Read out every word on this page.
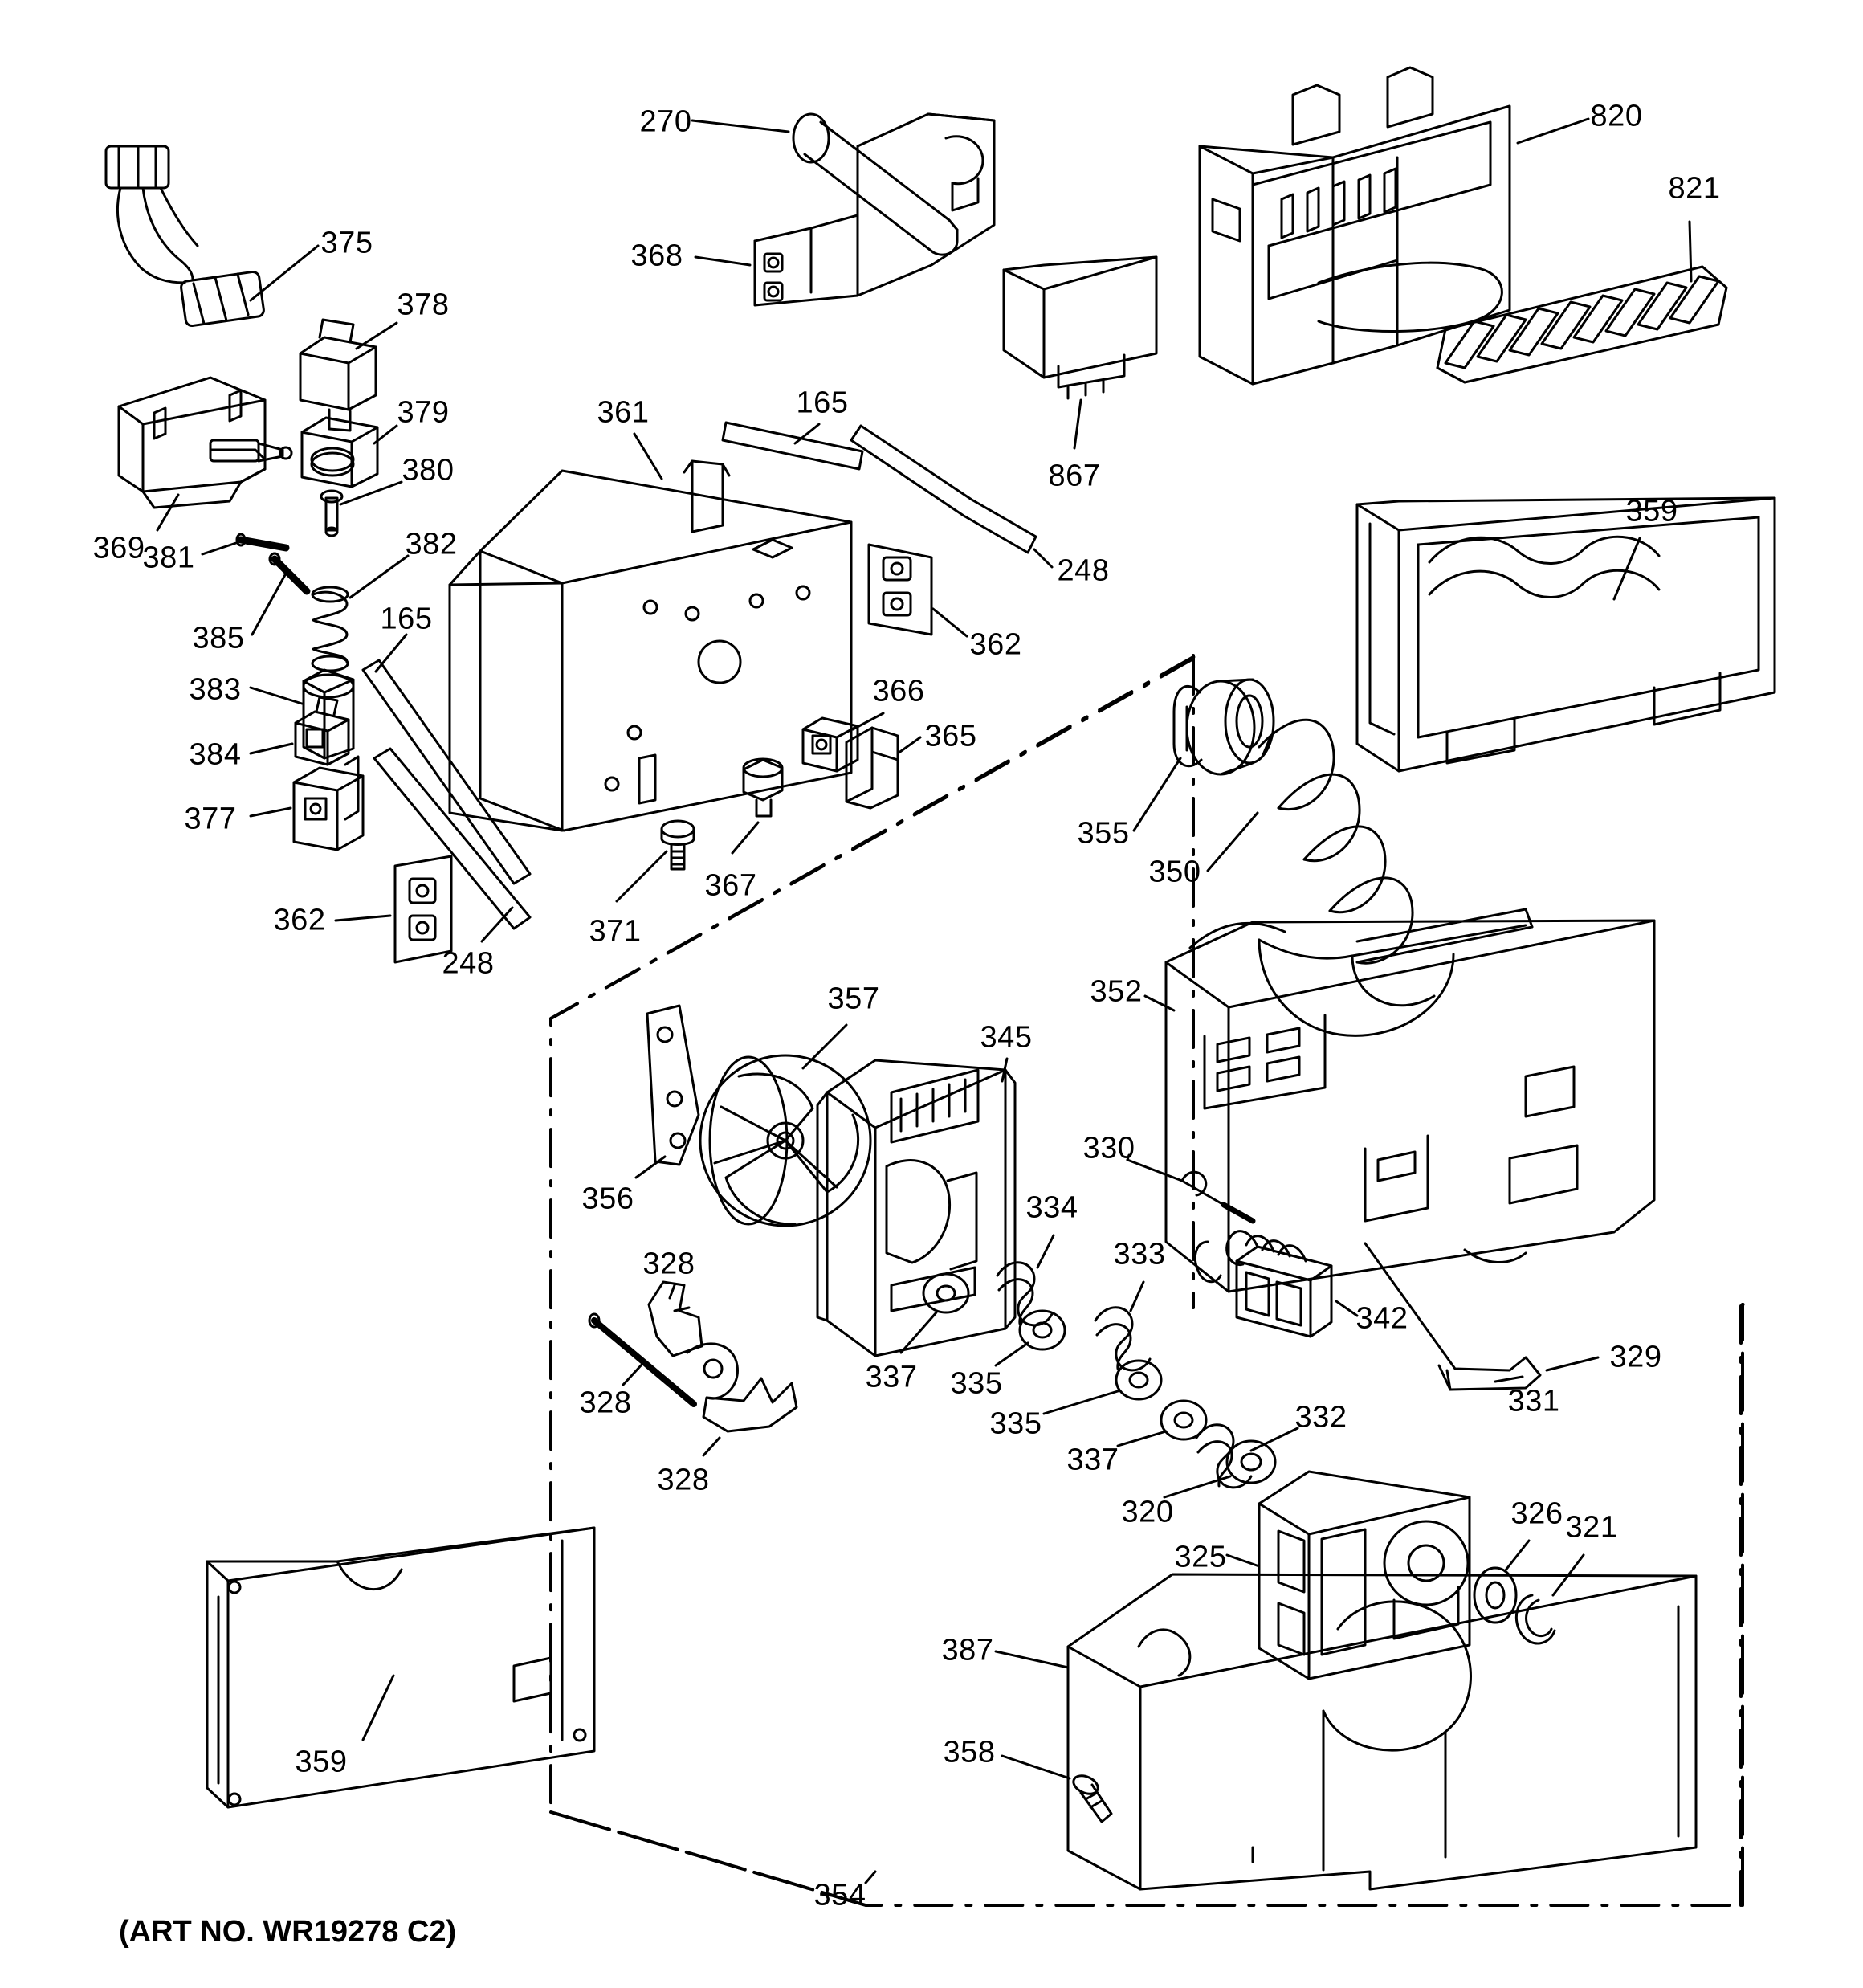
375
378
379
380
382
369
381
385
165
383
384
377
362
248
270
368
361	165
248
362
366
365
367
371
867
820
821
359
355
350
352
357
356
345
330
334
333
328
342
329
331
337 335
335	332
337
328
328
320	326 321
325
387
358
359
354
(ART NO. WR19278 C2)
